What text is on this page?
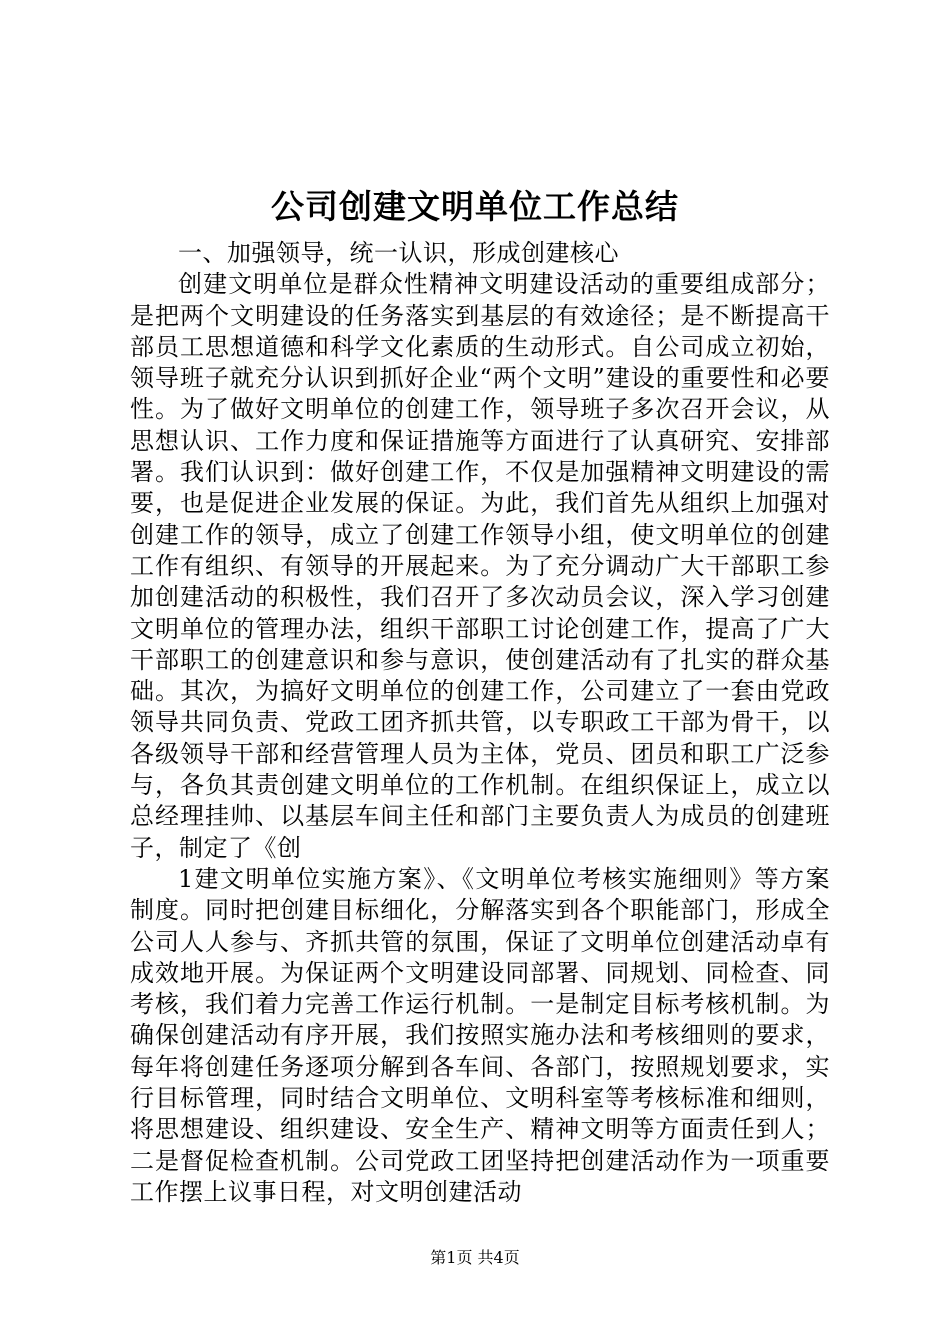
公司创建文明单位工作总结

一、加强领导，统一认识，形成创建核心

创建文明单位是群众性精神文明建设活动的重要组成部分；是把两个文明建设的任务落实到基层的有效途径；是不断提高干部员工思想道德和科学文化素质的生动形式。自公司成立初始，领导班子就充分认识到抓好企业“两个文明”建设的重要性和必要性。为了做好文明单位的创建工作，领导班子多次召开会议，从思想认识、工作力度和保证措施等方面进行了认真研究、安排部署。我们认识到：做好创建工作，不仅是加强精神文明建设的需要，也是促进企业发展的保证。为此，我们首先从组织上加强对创建工作的领导，成立了创建工作领导小组，使文明单位的创建工作有组织、有领导的开展起来。为了充分调动广大干部职工参加创建活动的积极性，我们召开了多次动员会议，深入学习创建文明单位的管理办法，组织干部职工讨论创建工作，提高了广大干部职工的创建意识和参与意识，使创建活动有了扎实的群众基础。其次，为搞好文明单位的创建工作，公司建立了一套由党政领导共同负责、党政工团齐抓共管，以专职政工干部为骨干，以各级领导干部和经营管理人员为主体，党员、团员和职工广泛参与，各负其责创建文明单位的工作机制。在组织保证上，成立以总经理挂帅、以基层车间主任和部门主要负责人为成员的创建班子，制定了《创

1建文明单位实施方案》、《文明单位考核实施细则》等方案制度。同时把创建目标细化，分解落实到各个职能部门，形成全公司人人参与、齐抓共管的氛围，保证了文明单位创建活动卓有成效地开展。为保证两个文明建设同部署、同规划、同检查、同考核，我们着力完善工作运行机制。一是制定目标考核机制。为确保创建活动有序开展，我们按照实施办法和考核细则的要求，每年将创建任务逐项分解到各车间、各部门，按照规划要求，实行目标管理，同时结合文明单位、文明科室等考核标准和细则，将思想建设、组织建设、安全生产、精神文明等方面责任到人；二是督促检查机制。公司党政工团坚持把创建活动作为一项重要工作摆上议事日程，对文明创建活动

第1页 共4页
